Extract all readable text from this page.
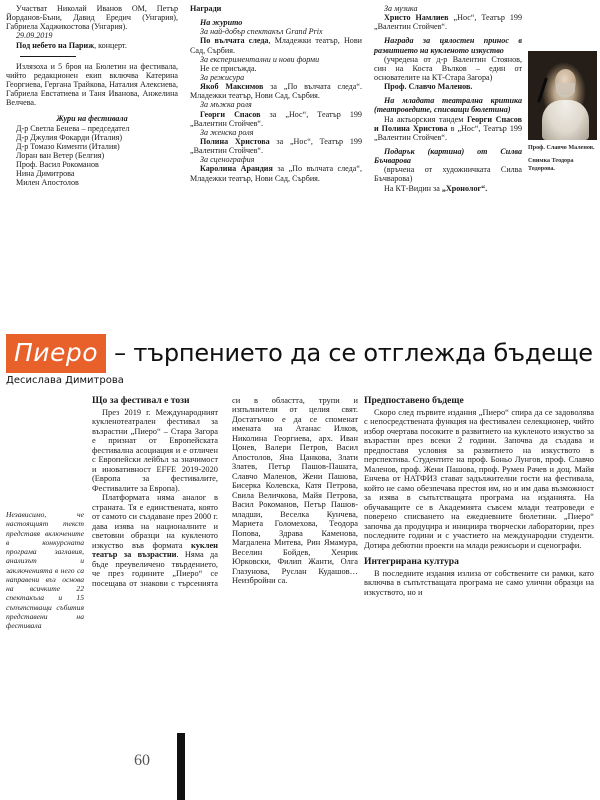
Участват Николай Иванов ОМ, Петър Йорданов-Бъни, Давид Ередич (Унгария), Габриела Хаджикостова (Унгария).

29.09.2019

Под небето на Париж, концерт.

Излязоха и 5 броя на Бюлетин на фестивала, чийто редакционен екип включва Катерина Георгиева, Гергана Трайкова, Наталия Алексиева, Габриела Евстатиева и Таня Иванова, Анжелина Велчева.

Жури на фестивала

Д-р Светла Бенева – председател

Д-р Джулия Фокарди (Италия)

Д-р Томазо Кименти (Италия)

Лоран ван Ветер (Белгия)

Проф. Васил Рокоманов

Нина Димитрова

Милен Апостолов

Награди

На журито

За най-добър спектакъл Grand Prix

По вълчата следа, Младежки театър, Нови Сад, Сърбия.

За експериментални и нови форми

Не се присъжда.

За режисура

Якоб Максимов за „По вълчата следа“. Младежки театър, Нови Сад, Сърбия.

За мъжка роля

Георги Спасов за „Нос“, Театър 199 „Валентин Стойчев“.

За женска роля

Полина Христова за „Нос“, Театър 199 „Валентин Стойчев“.

За сценография

Каролина Арандия за „По вълчата следа“, Младежки театър, Нови Сад, Сърбия.

За музика

Христо Намлиев „Нос“, Театър 199 „Валентин Стойчев“.

Награда за цялостен принос в развитието на кукленото изкуство

(учредена от д-р Валентин Стоянов, син на Коста Вълков – един от основателите на КТ-Стара Загора)

Проф. Славчо Маленов.

На младата театрална критика (театроведите, списващи бюлетина)

На актьорския тандем Георги Спасов и Полина Христова в „Нос“, Театър 199 „Валентин Стойчев“.

Подарък (картина) от Силва Бъчварова

(връчена от художничката Силва Бъчварова)

На КТ-Видин за „Хронолог“.

Проф. Славчо Маленов.

Снимка Теодора Тодорова.

Пиеро – търпението да се отглежда бъдеще
Десислава Димитрова
Независимо, че настоящият текст представя включените в конкурсната програма заглавия, анализът и заключенията в него са направени въз основа на всичките 22 спектакъла и 15 съпътстващи събития представени на фестивала

Що за фестивал е този

През 2019 г. Международният кукленотеатрален фестивал за възрастни „Пиеро“ – Стара Загора е признат от Европейската фестивална асоциация и е отличен с Европейски лейбъл за значимост и иновативност EFFE 2019-2020 (Европа за фестивалите, Фестивалите за Европа).

Платформата няма аналог в страната. Тя е единствената, която от самото си създаване през 2000 г. дава изява на националните и световни образци на кукленото изкуство във формата куклен театър за възрастни. Няма да бъде преувеличено твърдението, че през годините „Пиеро“ се посещава от знакови с търсенията си в областта, трупи и изпълнители от целия свят. Достатъчно е да се споменат имената на Атанас Илков, Николина Георгиева, арх. Иван Цонев, Валери Петров, Васил Апостолов, Яна Цанкова, Злати Златев, Петър Пашов-Пашата, Славчо Маленов, Жени Пашова, Бисерка Колевска, Катя Петрова, Свила Величкова, Майя Петрова, Васил Рокоманов, Петър Пашов-младши, Веселка Кунчева, Мариета Голомехова, Теодора Попова, Здрава Каменова, Магдалена Митева, Рин Ямамура, Веселин Бойдев, Хенрик Юрковски, Филип Жанти, Олга Глазунова, Руслан Кудашов… Неизбройни са.

Предпоставено бъдеще

Скоро след първите издания „Пиеро“ спира да се задоволява с непосредствената функция на фестивален селекционер, чийто избор очертава посоките в развитието на кукленото изкуство за възрастни през всеки 2 години. Започва да създава и предпоставя условия за развитието на изкуството в перспектива. Студентите на проф. Боньо Лунгов, проф. Славчо Маленов, проф. Жени Пашова, проф. Румен Рачев и доц. Майя Енчева от НАТФИЗ стават задължителни гости на фестивала, който не само обезпечава престоя им, но и им дава възможност за изява в съпътстващата програма на изданията. На обучаващите се в Академията съвсем млади театроведи е поверено списването на ежедневните бюлетини. „Пиеро“ започва да продуцира и инициира творчески лаборатории, през последните години и с участието на международни студенти. Дотира дебютни проекти на млади режисьори и сценографи.

Интегрирана култура

В последните издания излиза от собствените си рамки, като включва в съпътстващата програма не само улични образци на изкуството, но и

60
